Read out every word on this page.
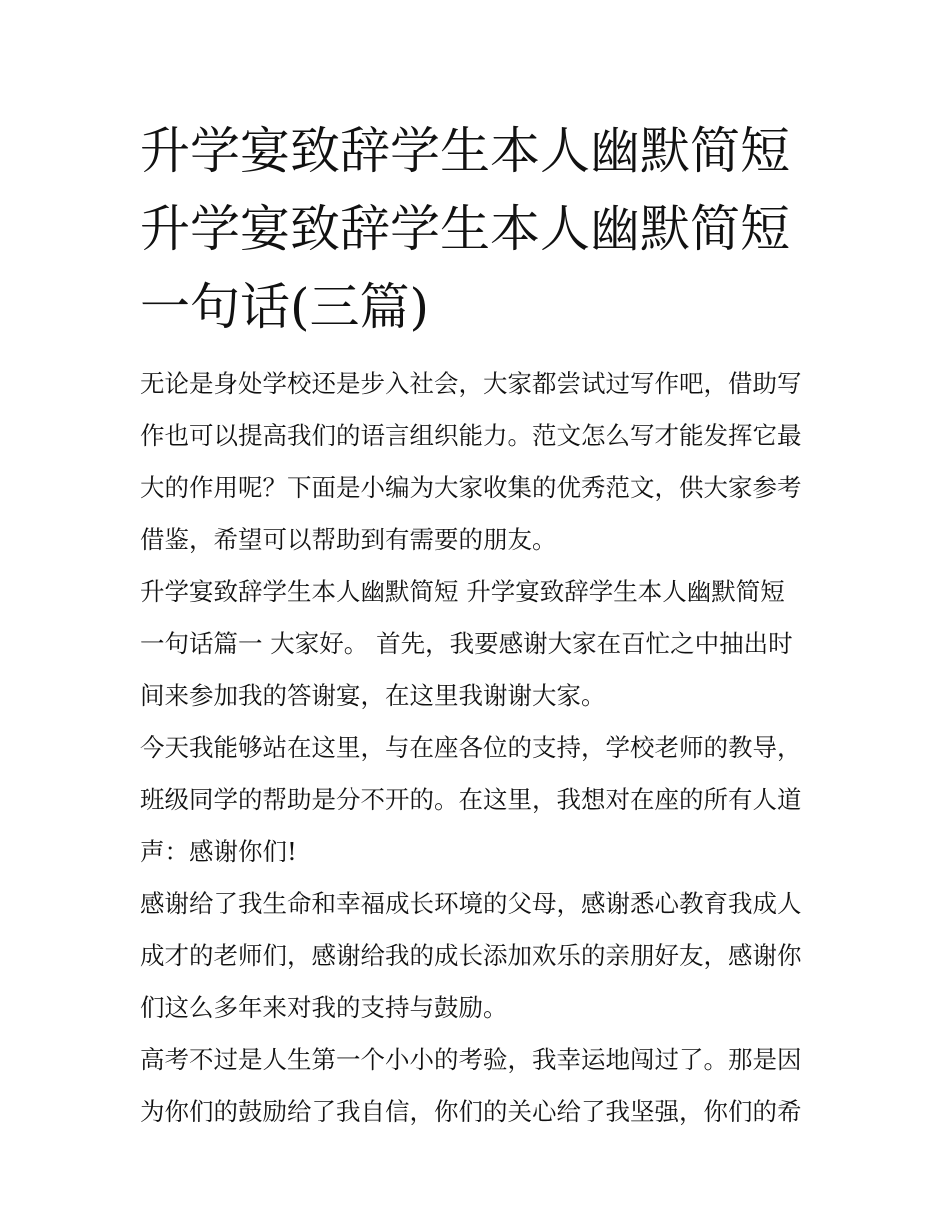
升学宴致辞学生本人幽默简短
升学宴致辞学生本人幽默简短
一句话(三篇)

无论是身处学校还是步入社会，大家都尝试过写作吧，借助写
作也可以提高我们的语言组织能力。范文怎么写才能发挥它最
大的作用呢？下面是小编为大家收集的优秀范文，供大家参考
借鉴，希望可以帮助到有需要的朋友。

升学宴致辞学生本人幽默简短 升学宴致辞学生本人幽默简短
一句话篇一 大家好。 首先，我要感谢大家在百忙之中抽出时
间来参加我的答谢宴，在这里我谢谢大家。

今天我能够站在这里，与在座各位的支持，学校老师的教导，
班级同学的帮助是分不开的。在这里，我想对在座的所有人道
声：感谢你们!

感谢给了我生命和幸福成长环境的父母，感谢悉心教育我成人
成才的老师们，感谢给我的成长添加欢乐的亲朋好友，感谢你
们这么多年来对我的支持与鼓励。

高考不过是人生第一个小小的考验，我幸运地闯过了。那是因
为你们的鼓励给了我自信，你们的关心给了我坚强，你们的希
